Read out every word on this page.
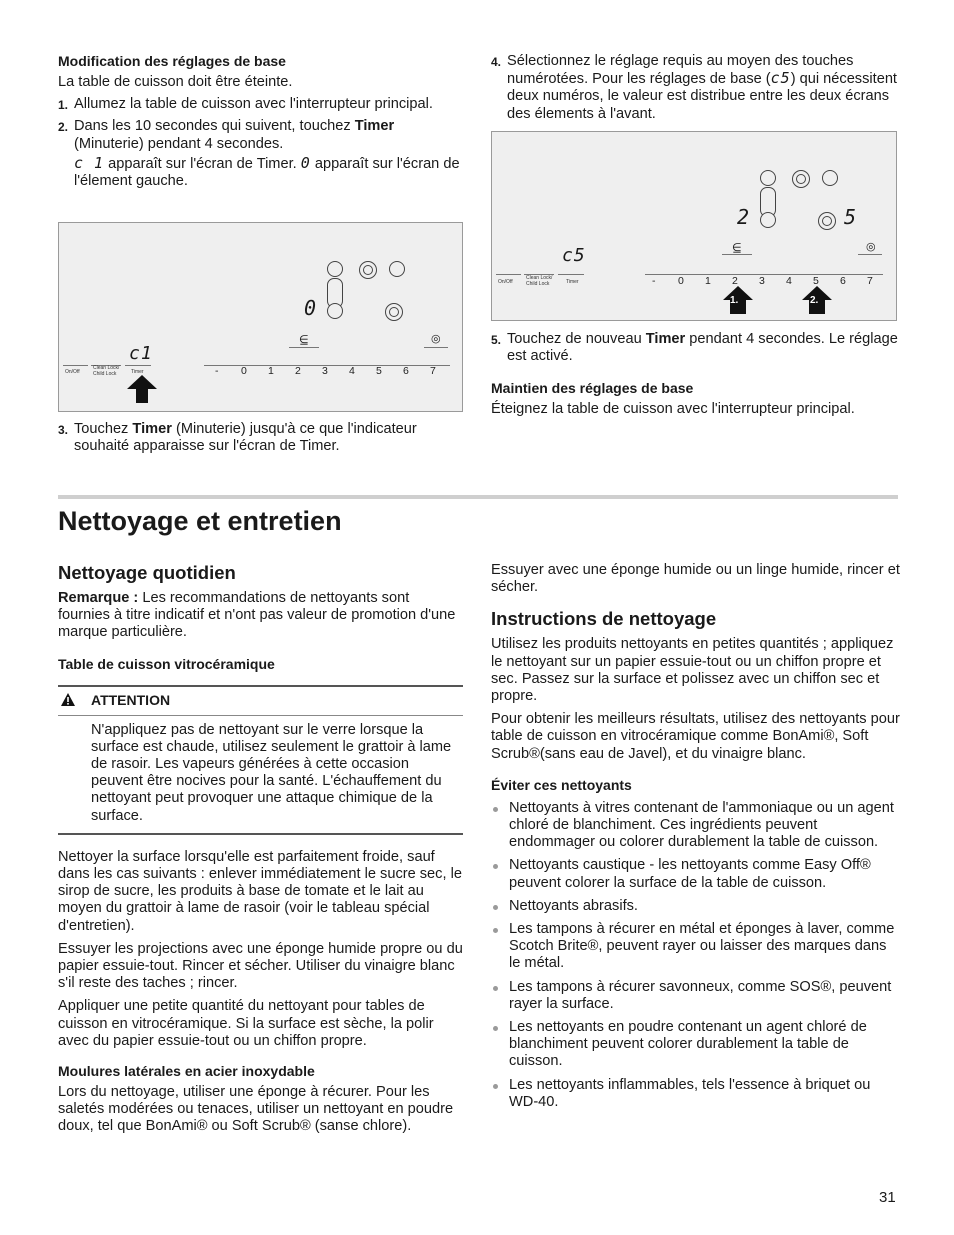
Modification des réglages de base

La table de cuisson doit être éteinte.

1. Allumez la table de cuisson avec l'interrupteur principal.
2. Dans les 10 secondes qui suivent, touchez Timer (Minuterie) pendant 4 secondes.

c 1 apparaît sur l'écran de Timer. 0 apparaît sur l'écran de l'élement gauche.

0
⋸	◎
c1
On/Off
Clean Lock/
Child Lock	Timer	- 0 1 2 3 4 5 6 7
3. Touchez Timer (Minuterie) jusqu'à ce que l'indicateur souhaité apparaisse sur l'écran de Timer.
4. Sélectionnez le réglage requis au moyen des touches numérotées. Pour les réglages de base (c5) qui nécessitent deux numéros, le valeur est distribue entre les deux écrans des élements à l'avant.
2	5
⋸	◎
c5
On/Off
Clean Lock/
Child Lock	Timer	- 0 1 2 3 4 5 6 7
1.	2.
5. Touchez de nouveau Timer pendant 4 secondes. Le réglage est activé.

Maintien des réglages de base

Éteignez la table de cuisson avec l'interrupteur principal.

Nettoyage et entretien

Nettoyage quotidien

Remarque : Les recommandations de nettoyants sont fournies à titre indicatif et n'ont pas valeur de promotion d'une marque particulière.

Table de cuisson vitrocéramique

ATTENTION

N'appliquez pas de nettoyant sur le verre lorsque la surface est chaude, utilisez seulement le grattoir à lame de rasoir. Les vapeurs générées à cette occasion peuvent être nocives pour la santé. L'échauffement du nettoyant peut provoquer une attaque chimique de la surface.

Nettoyer la surface lorsqu'elle est parfaitement froide, sauf dans les cas suivants : enlever immédiatement le sucre sec, le sirop de sucre, les produits à base de tomate et le lait au moyen du grattoir à lame de rasoir (voir le tableau spécial d'entretien).

Essuyer les projections avec une éponge humide propre ou du papier essuie-tout. Rincer et sécher. Utiliser du vinaigre blanc s'il reste des taches ; rincer.

Appliquer une petite quantité du nettoyant pour tables de cuisson en vitrocéramique. Si la surface est sèche, la polir avec du papier essuie-tout ou un chiffon propre.

Moulures latérales en acier inoxydable

Lors du nettoyage, utiliser une éponge à récurer. Pour les saletés modérées ou tenaces, utiliser un nettoyant en poudre doux, tel que BonAmi® ou Soft Scrub® (sanse chlore).

Essuyer avec une éponge humide ou un linge humide, rincer et sécher.

Instructions de nettoyage

Utilisez les produits nettoyants en petites quantités ; appliquez le nettoyant sur un papier essuie-tout ou un chiffon propre et sec. Passez sur la surface et polissez avec un chiffon sec et propre.

Pour obtenir les meilleurs résultats, utilisez des nettoyants pour table de cuisson en vitrocéramique comme BonAmi®, Soft Scrub®(sans eau de Javel), et du vinaigre blanc.

Éviter ces nettoyants

Nettoyants à vitres contenant de l'ammoniaque ou un agent chloré de blanchiment. Ces ingrédients peuvent endommager ou colorer durablement la table de cuisson.
Nettoyants caustique - les nettoyants comme Easy Off® peuvent colorer la surface de la table de cuisson.
Nettoyants abrasifs.
Les tampons à récurer en métal et éponges à laver, comme Scotch Brite®, peuvent rayer ou laisser des marques dans le métal.
Les tampons à récurer savonneux, comme SOS®, peuvent rayer la surface.
Les nettoyants en poudre contenant un agent chloré de blanchiment peuvent colorer durablement la table de cuisson.
Les nettoyants inflammables, tels l'essence à briquet ou WD-40.
31
